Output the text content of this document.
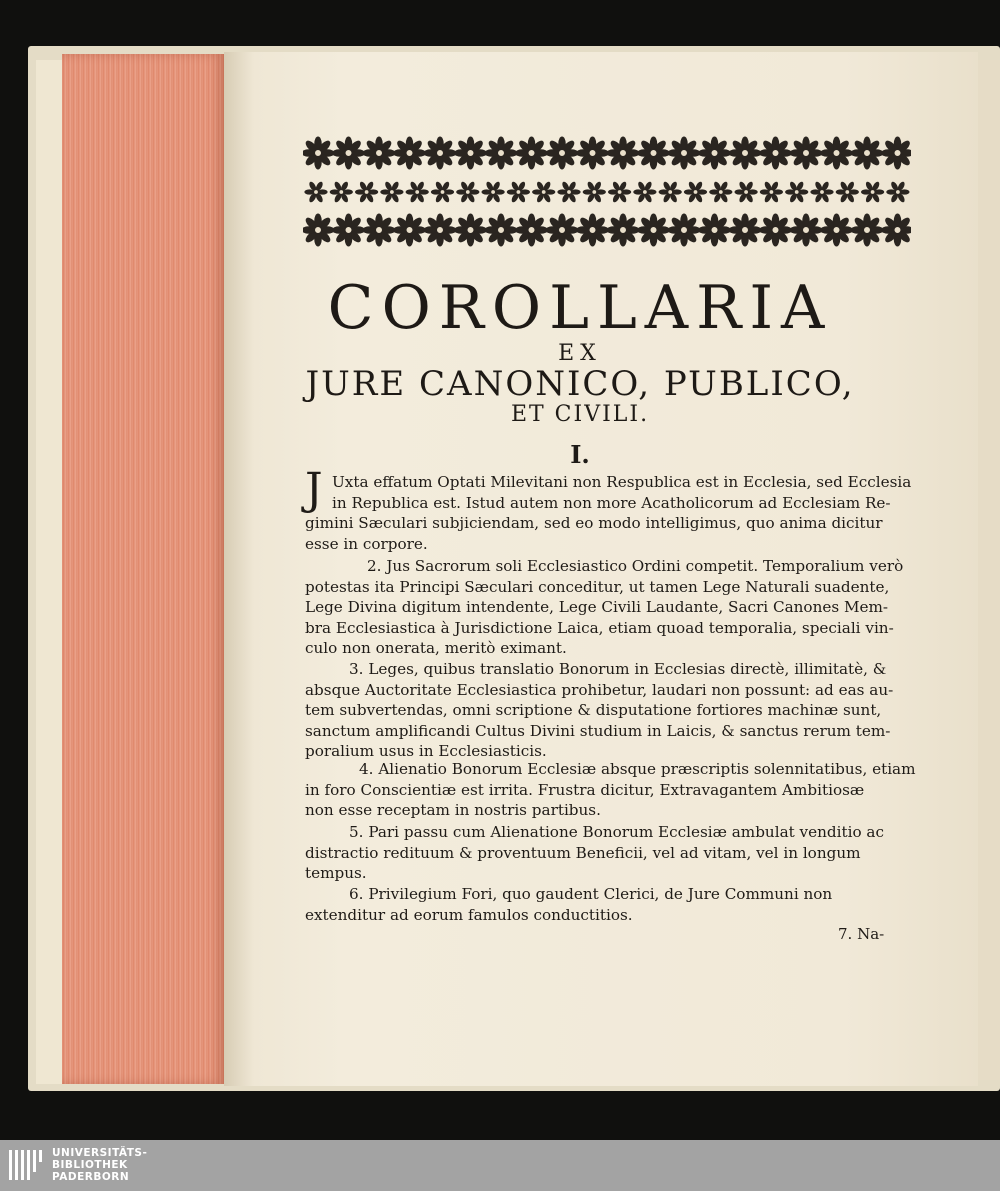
COROLLARIA
EX
JURE CANONICO, PUBLICO,
ET CIVILI.
I.
J Uxta effatum Optati Milevitani non Respublica est in Ecclesia, sed Ecclesia
in Republica est. Istud autem non more Acatholicorum ad Ecclesiam Re-
gimini Sæculari subjiciendam, sed eo modo intelligimus, quo anima dicitur
esse in corpore.
2. Jus Sacrorum soli Ecclesiastico Ordini competit. Temporalium verò
potestas ita Principi Sæculari conceditur, ut tamen Lege Naturali suadente,
Lege Divina digitum intendente, Lege Civili Laudante, Sacri Canones Mem-
bra Ecclesiastica à Jurisdictione Laica, etiam quoad temporalia, speciali vin-
culo non onerata, meritò eximant.
3. Leges, quibus translatio Bonorum in Ecclesias directè, illimitatè, &
absque Auctoritate Ecclesiastica prohibetur, laudari non possunt: ad eas au-
tem subvertendas, omni scriptione & disputatione fortiores machinæ sunt,
sanctum amplificandi Cultus Divini studium in Laicis, & sanctus rerum tem-
poralium usus in Ecclesiasticis.
4. Alienatio Bonorum Ecclesiæ absque præscriptis solennitatibus, etiam
in foro Conscientiæ est irrita. Frustra dicitur, Extravagantem Ambitiosæ
non esse receptam in nostris partibus.
5. Pari passu cum Alienatione Bonorum Ecclesiæ ambulat venditio ac
distractio redituum & proventuum Beneficii, vel ad vitam, vel in longum
tempus.
6. Privilegium Fori, quo gaudent Clerici, de Jure Communi non
extenditur ad eorum famulos conductitios.
7. Na-
UNIVERSITÄTS-
BIBLIOTHEK
PADERBORN
